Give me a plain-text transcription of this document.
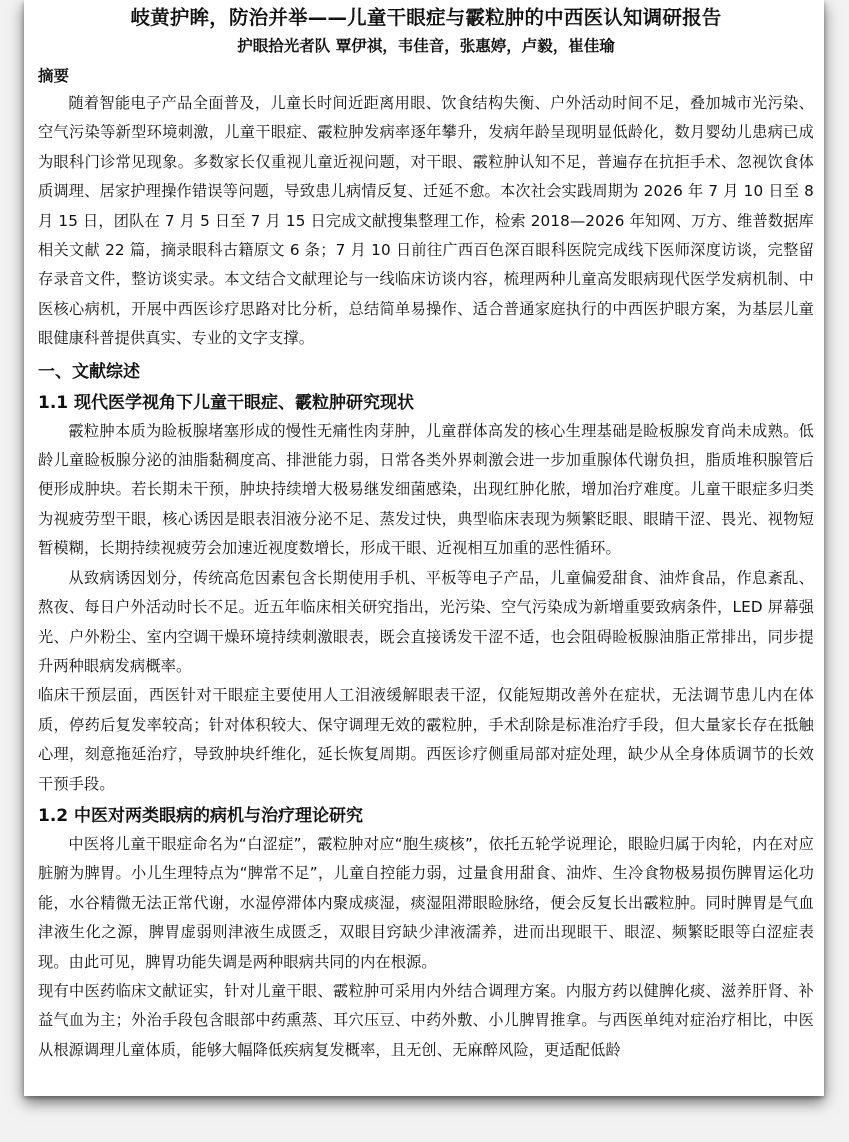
岐黄护眸，防治并举——儿童干眼症与霰粒肿的中西医认知调研报告
护眼拾光者队 覃伊祺，韦佳音，张惠婷，卢毅，崔佳瑜
摘要

随着智能电子产品全面普及，儿童长时间近距离用眼、饮食结构失衡、户外活动时间不足，叠加城市光污染、空气污染等新型环境刺激，儿童干眼症、霰粒肿发病率逐年攀升，发病年龄呈现明显低龄化，数月婴幼儿患病已成为眼科门诊常见现象。多数家长仅重视儿童近视问题，对干眼、霰粒肿认知不足，普遍存在抗拒手术、忽视饮食体质调理、居家护理操作错误等问题，导致患儿病情反复、迁延不愈。本次社会实践周期为 2026 年 7 月 10 日至 8 月 15 日，团队在 7 月 5 日至 7 月 15 日完成文献搜集整理工作，检索 2018—2026 年知网、万方、维普数据库相关文献 22 篇，摘录眼科古籍原文 6 条；7 月 10 日前往广西百色深百眼科医院完成线下医师深度访谈，完整留存录音文件，整访谈实录。本文结合文献理论与一线临床访谈内容，梳理两种儿童高发眼病现代医学发病机制、中医核心病机，开展中西医诊疗思路对比分析，总结简单易操作、适合普通家庭执行的中西医护眼方案，为基层儿童眼健康科普提供真实、专业的文字支撑。

一、文献综述
1.1 现代医学视角下儿童干眼症、霰粒肿研究现状

霰粒肿本质为睑板腺堵塞形成的慢性无痛性肉芽肿，儿童群体高发的核心生理基础是睑板腺发育尚未成熟。低龄儿童睑板腺分泌的油脂黏稠度高、排泄能力弱，日常各类外界刺激会进一步加重腺体代谢负担，脂质堆积腺管后便形成肿块。若长期未干预，肿块持续增大极易继发细菌感染，出现红肿化脓，增加治疗难度。儿童干眼症多归类为视疲劳型干眼，核心诱因是眼表泪液分泌不足、蒸发过快，典型临床表现为频繁眨眼、眼睛干涩、畏光、视物短暂模糊，长期持续视疲劳会加速近视度数增长，形成干眼、近视相互加重的恶性循环。

从致病诱因划分，传统高危因素包含长期使用手机、平板等电子产品，儿童偏爱甜食、油炸食品，作息紊乱、熬夜、每日户外活动时长不足。近五年临床相关研究指出，光污染、空气污染成为新增重要致病条件，LED 屏幕强光、户外粉尘、室内空调干燥环境持续刺激眼表，既会直接诱发干涩不适，也会阻碍睑板腺油脂正常排出，同步提升两种眼病发病概率。

临床干预层面，西医针对干眼症主要使用人工泪液缓解眼表干涩，仅能短期改善外在症状，无法调节患儿内在体质，停药后复发率较高；针对体积较大、保守调理无效的霰粒肿，手术刮除是标准治疗手段，但大量家长存在抵触心理，刻意拖延治疗，导致肿块纤维化，延长恢复周期。西医诊疗侧重局部对症处理，缺少从全身体质调节的长效干预手段。

1.2 中医对两类眼病的病机与治疗理论研究

中医将儿童干眼症命名为“白涩症”，霰粒肿对应“胞生痰核”，依托五轮学说理论，眼睑归属于肉轮，内在对应脏腑为脾胃。小儿生理特点为“脾常不足”，儿童自控能力弱，过量食用甜食、油炸、生冷食物极易损伤脾胃运化功能，水谷精微无法正常代谢，水湿停滞体内聚成痰湿，痰湿阻滞眼睑脉络，便会反复长出霰粒肿。同时脾胃是气血津液生化之源，脾胃虚弱则津液生成匮乏，双眼目窍缺少津液濡养，进而出现眼干、眼涩、频繁眨眼等白涩症表现。由此可见，脾胃功能失调是两种眼病共同的内在根源。

现有中医药临床文献证实，针对儿童干眼、霰粒肿可采用内外结合调理方案。内服方药以健脾化痰、滋养肝肾、补益气血为主；外治手段包含眼部中药熏蒸、耳穴压豆、中药外敷、小儿脾胃推拿。与西医单纯对症治疗相比，中医从根源调理儿童体质，能够大幅降低疾病复发概率，且无创、无麻醉风险，更适配低龄
